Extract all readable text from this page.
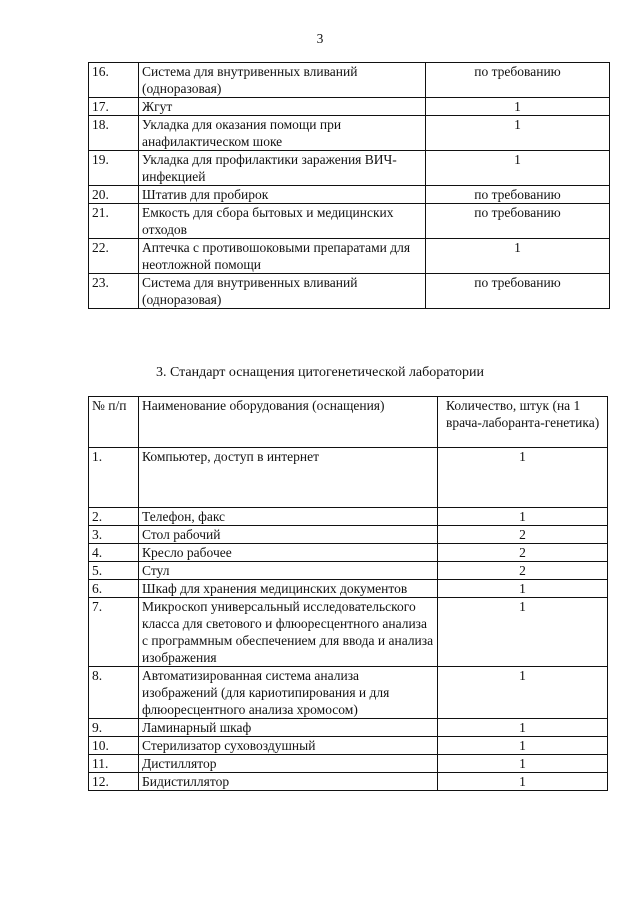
3
16.	Система для внутривенных вливаний (одноразовая)	по требованию
17.	Жгут	1
18.	Укладка для оказания помощи при анафилактическом шоке	1
19.	Укладка для профилактики заражения ВИЧ-инфекцией	1
20.	Штатив для пробирок	по требованию
21.	Емкость для сбора бытовых и медицинских отходов	по требованию
22.	Аптечка с противошоковыми препаратами для неотложной помощи	1
23.	Система для внутривенных вливаний (одноразовая)	по требованию
3. Стандарт оснащения цитогенетической лаборатории
№ п/п	Наименование оборудования (оснащения)	Количество, штук (на 1 врача-лаборанта-генетика)
1.	Компьютер, доступ в интернет	1
2.	Телефон, факс	1
3.	Стол рабочий	2
4.	Кресло рабочее	2
5.	Стул	2
6.	Шкаф для хранения медицинских документов	1
7.	Микроскоп универсальный исследовательского класса для светового и флюоресцентного анализа с программным обеспечением для ввода и анализа изображения	1
8.	Автоматизированная система анализа изображений (для кариотипирования и для флюоресцентного анализа хромосом)	1
9.	Ламинарный шкаф	1
10.	Стерилизатор суховоздушный	1
11.	Дистиллятор	1
12.	Бидистиллятор	1
